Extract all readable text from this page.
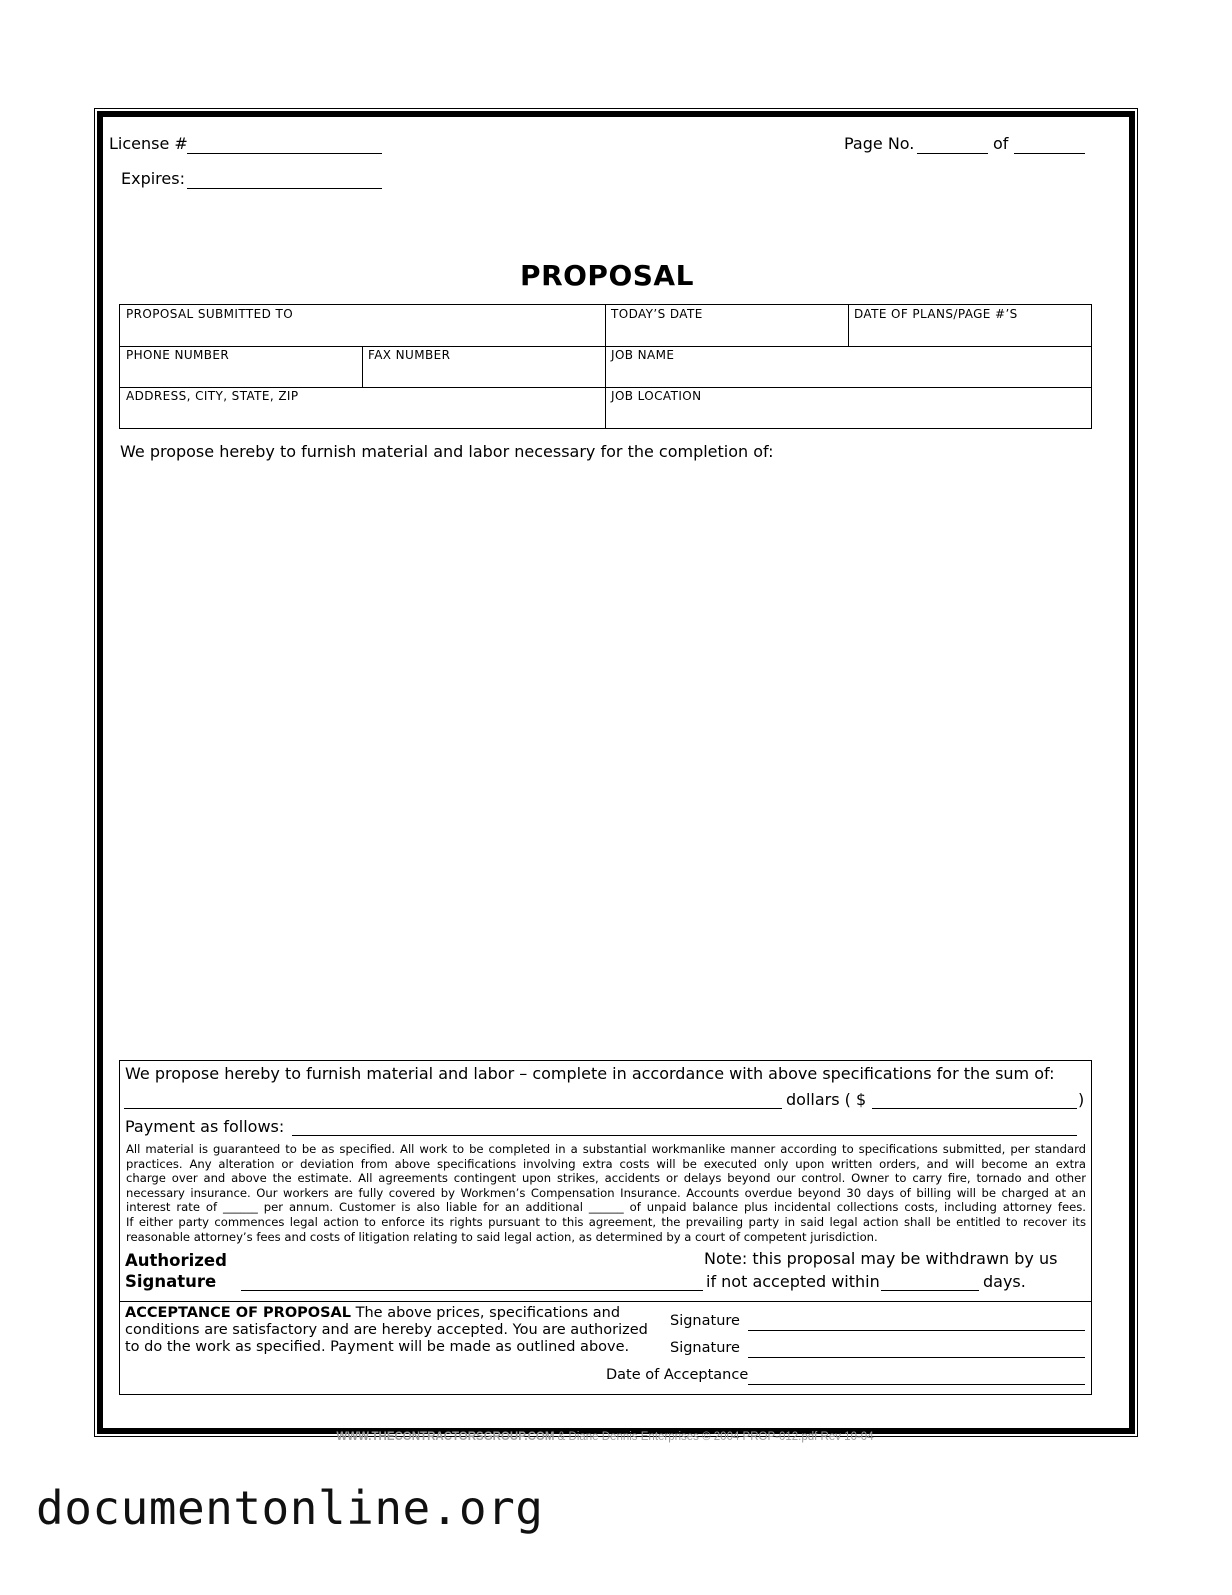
License #
Expires:
Page No.	of
PROPOSAL
PROPOSAL SUBMITTED TO	TODAY’S DATE	DATE OF PLANS/PAGE #’S
PHONE NUMBER	FAX NUMBER	JOB NAME
ADDRESS, CITY, STATE, ZIP	JOB LOCATION
We propose hereby to furnish material and labor necessary for the completion of:
We propose hereby to furnish material and labor – complete in accordance with above specifications for the sum of:
dollars ( $	)
Payment as follows:
All material is guaranteed to be as specified. All work to be completed in a substantial workmanlike manner according to specifications submitted, per standard
practices. Any alteration or deviation from above specifications involving extra costs will be executed only upon written orders, and will become an extra
charge over and above the estimate. All agreements contingent upon strikes, accidents or delays beyond our control. Owner to carry fire, tornado and other
necessary insurance. Our workers are fully covered by Workmen’s Compensation Insurance. Accounts overdue beyond 30 days of billing will be charged at an
interest rate of ______ per annum. Customer is also liable for an additional ______ of unpaid balance plus incidental collections costs, including attorney fees.
If either party commences legal action to enforce its rights pursuant to this agreement, the prevailing party in said legal action shall be entitled to recover its
reasonable attorney’s fees and costs of litigation relating to said legal action, as determined by a court of competent jurisdiction.
Authorized
Signature
Note: this proposal may be withdrawn by us
if not accepted within	days.
ACCEPTANCE OF PROPOSAL The above prices, specifications and
conditions are satisfactory and are hereby accepted. You are authorized
to do the work as specified. Payment will be made as outlined above.
Signature
Signature
Date of Acceptance
WWW.THECONTRACTORSGROUP.COM & Diane Dennis Enterprises © 2004 PROP-012.pdf Rev 10-04
documentonline.org
